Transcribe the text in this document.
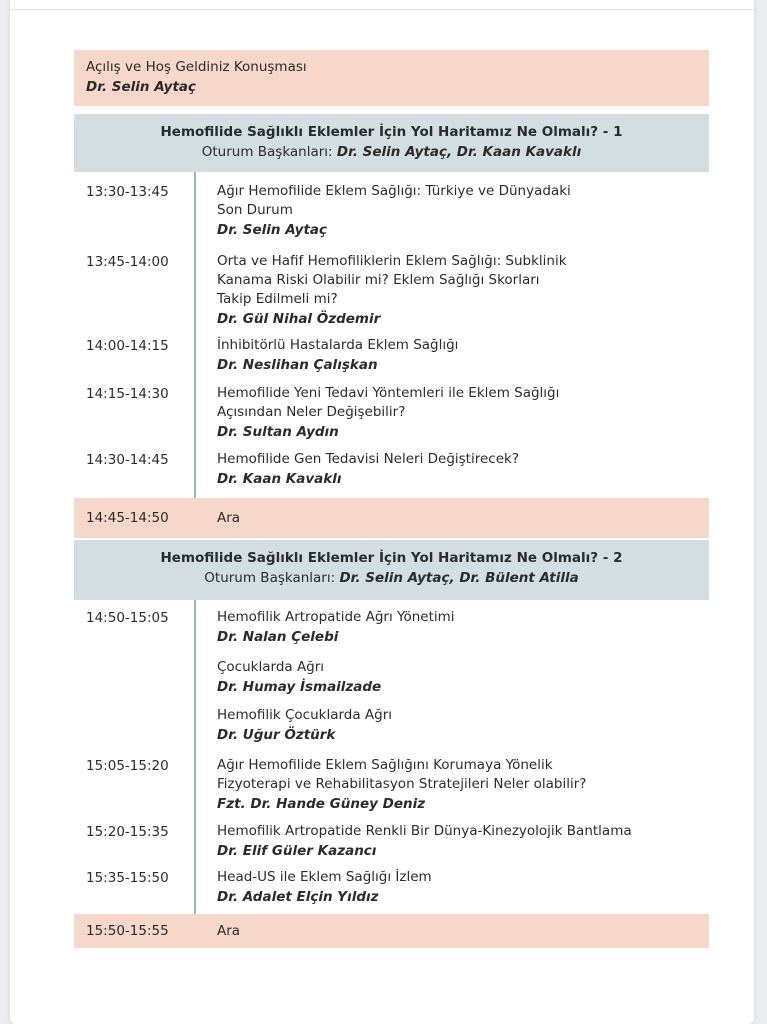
Açılış ve Hoş Geldiniz Konuşması
Dr. Selin Aytaç
Hemofilide Sağlıklı Eklemler İçin Yol Haritamız Ne Olmalı? - 1
Oturum Başkanları: Dr. Selin Aytaç, Dr. Kaan Kavaklı
13:30-13:45	Ağır Hemofilide Eklem Sağlığı: Türkiye ve Dünyadaki
Son Durum
Dr. Selin Aytaç
13:45-14:00	Orta ve Hafif Hemofiliklerin Eklem Sağlığı: Subklinik
Kanama Riski Olabilir mi? Eklem Sağlığı Skorları
Takip Edilmeli mi?
Dr. Gül Nihal Özdemir
14:00-14:15	İnhibitörlü Hastalarda Eklem Sağlığı
Dr. Neslihan Çalışkan
14:15-14:30	Hemofilide Yeni Tedavi Yöntemleri ile Eklem Sağlığı
Açısından Neler Değişebilir?
Dr. Sultan Aydın
14:30-14:45	Hemofilide Gen Tedavisi Neleri Değiştirecek?
Dr. Kaan Kavaklı
14:45-14:50	Ara
Hemofilide Sağlıklı Eklemler İçin Yol Haritamız Ne Olmalı? - 2
Oturum Başkanları: Dr. Selin Aytaç, Dr. Bülent Atilla
14:50-15:05	Hemofilik Artropatide Ağrı Yönetimi
Dr. Nalan Çelebi
Çocuklarda Ağrı
Dr. Humay İsmailzade
Hemofilik Çocuklarda Ağrı
Dr. Uğur Öztürk
15:05-15:20	Ağır Hemofilide Eklem Sağlığını Korumaya Yönelik
Fizyoterapi ve Rehabilitasyon Stratejileri Neler olabilir?
Fzt. Dr. Hande Güney Deniz
15:20-15:35	Hemofilik Artropatide Renkli Bir Dünya-Kinezyolojik Bantlama
Dr. Elif Güler Kazancı
15:35-15:50	Head-US ile Eklem Sağlığı İzlem
Dr. Adalet Elçin Yıldız
15:50-15:55	Ara
